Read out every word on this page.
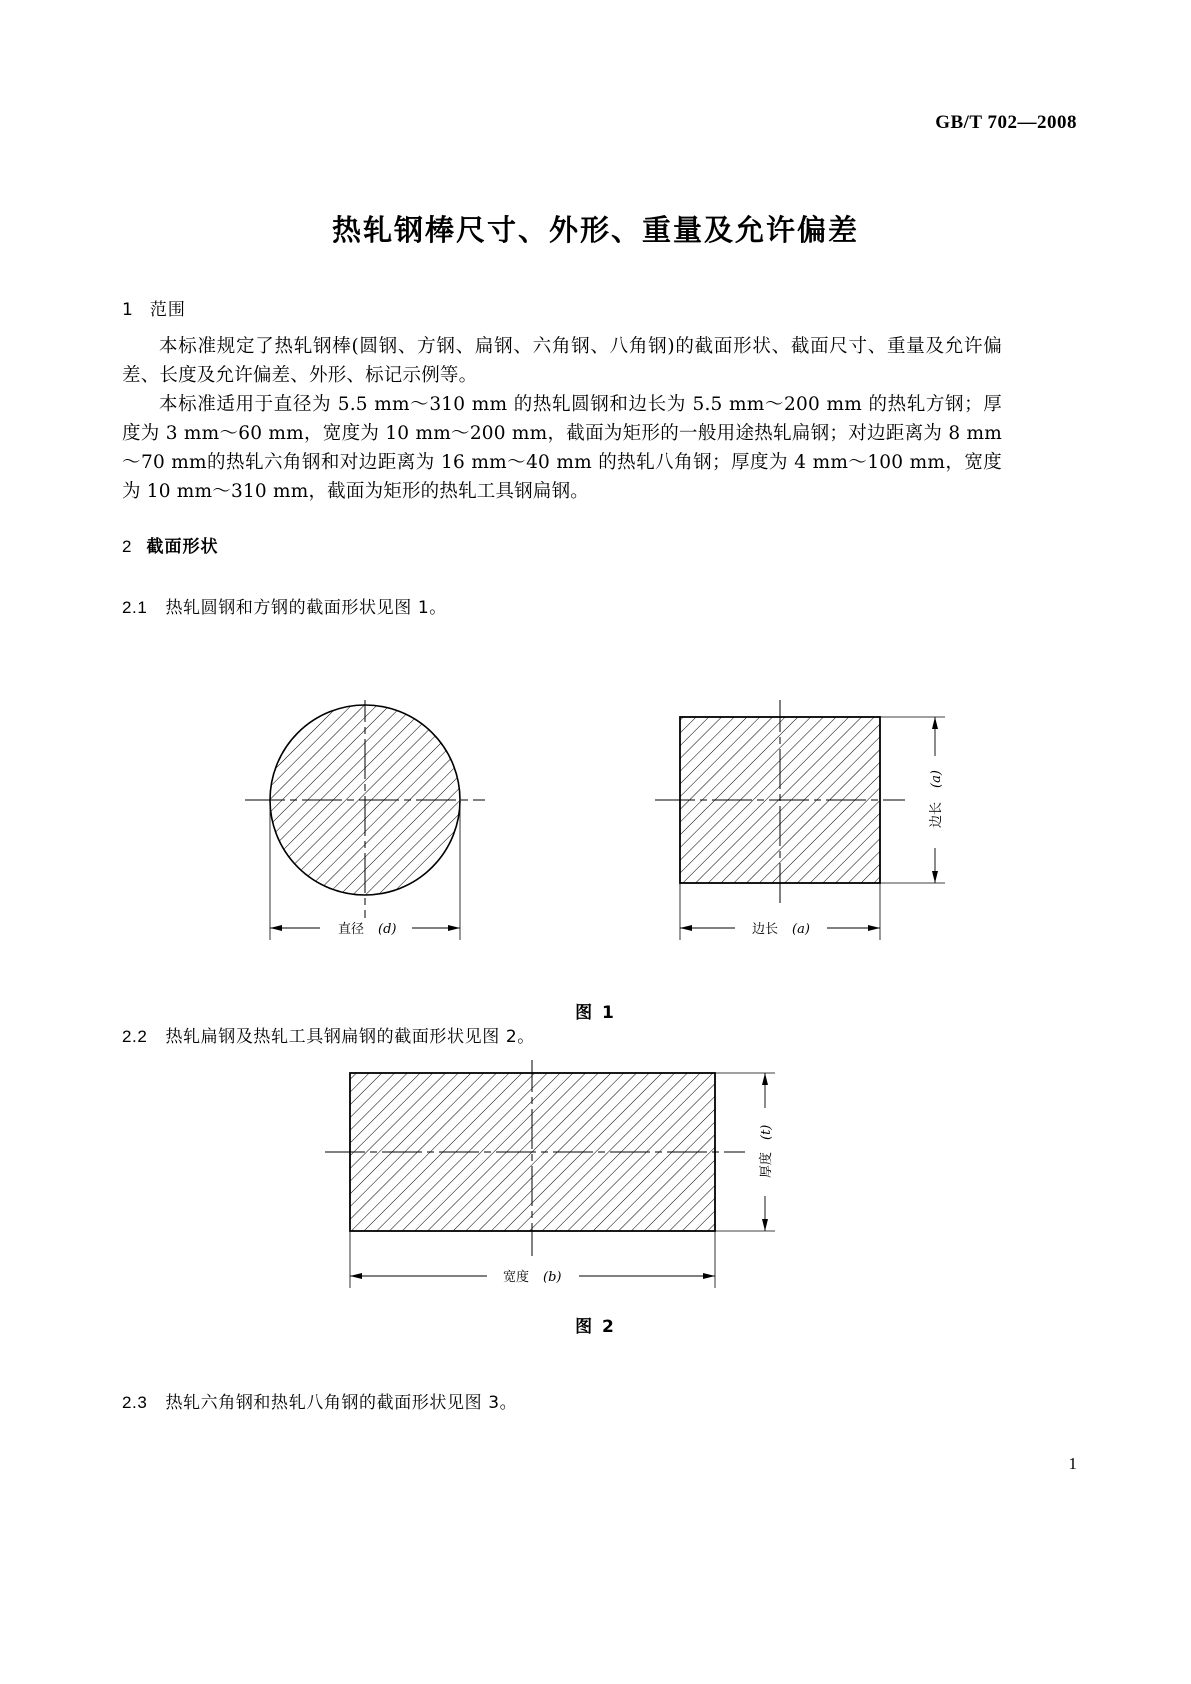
GB/T 702—2008
热轧钢棒尺寸、外形、重量及允许偏差
1 范围

本标准规定了热轧钢棒(圆钢、方钢、扁钢、六角钢、八角钢)的截面形状、截面尺寸、重量及允许偏差、长度及允许偏差、外形、标记示例等。

本标准适用于直径为 5.5 mm～310 mm 的热轧圆钢和边长为 5.5 mm～200 mm 的热轧方钢；厚度为 3 mm～60 mm，宽度为 10 mm～200 mm，截面为矩形的一般用途热轧扁钢；对边距离为 8 mm～70 mm的热轧六角钢和对边距离为 16 mm～40 mm 的热轧八角钢；厚度为 4 mm～100 mm，宽度为 10 mm～310 mm，截面为矩形的热轧工具钢扁钢。

2 截面形状
2.1 热轧圆钢和方钢的截面形状见图 1。
直径 (d)	边长 (a)
边长
(a)
图 1
2.2 热轧扁钢及热轧工具钢扁钢的截面形状见图 2。
宽度 (b)
厚度
(t)
图 2
2.3 热轧六角钢和热轧八角钢的截面形状见图 3。
1
